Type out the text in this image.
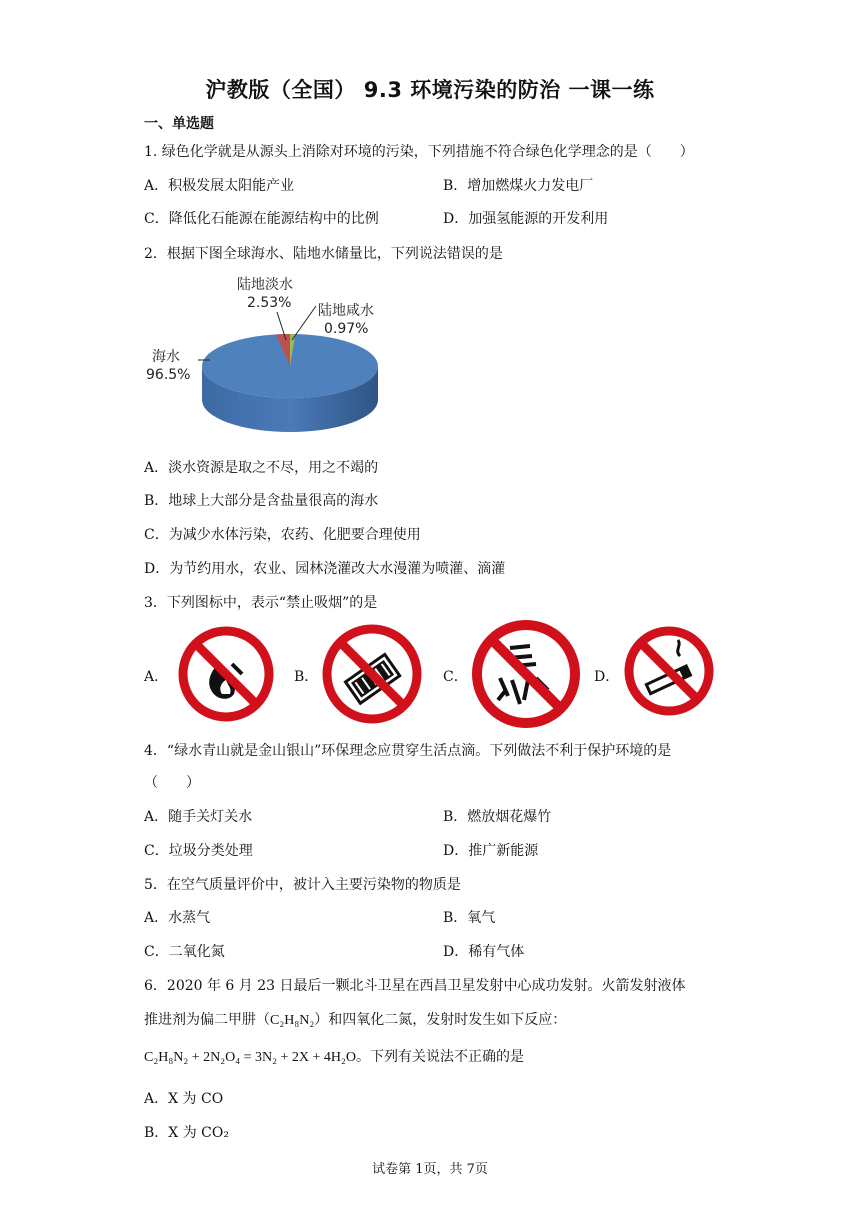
沪教版（全国） 9.3 环境污染的防治 一课一练
一、单选题
1. 绿色化学就是从源头上消除对环境的污染，下列措施不符合绿色化学理念的是（　　）
A．积极发展太阳能产业	B．增加燃煤火力发电厂
C．降低化石能源在能源结构中的比例	D．加强氢能源的开发利用
2．根据下图全球海水、陆地水储量比，下列说法错误的是
陆地淡水
2.53% 陆地咸水
0.97%
海水
96.5%
A．淡水资源是取之不尽，用之不竭的
B．地球上大部分是含盐量很高的海水
C．为减少水体污染，农药、化肥要合理使用
D．为节约用水，农业、园林浇灌改大水漫灌为喷灌、滴灌
3．下列图标中，表示“禁止吸烟”的是
A．	B．	C．	D．
4．“绿水青山就是金山银山”环保理念应贯穿生活点滴。下列做法不利于保护环境的是
（　　）
A．随手关灯关水	B．燃放烟花爆竹
C．垃圾分类处理	D．推广新能源
5．在空气质量评价中，被计入主要污染物的物质是
A．水蒸气	B．氧气
C．二氧化氮	D．稀有气体
6．2020 年 6 月 23 日最后一颗北斗卫星在西昌卫星发射中心成功发射。火箭发射液体
推进剂为偏二甲肼（C₂H₈N₂）和四氧化二氮，发射时发生如下反应：
C₂H₈N₂ + 2N₂O₄ = 3N₂ + 2X + 4H₂O。下列有关说法不正确的是
A．X 为 CO
B．X 为 CO₂
试卷第 1页，共 7页
